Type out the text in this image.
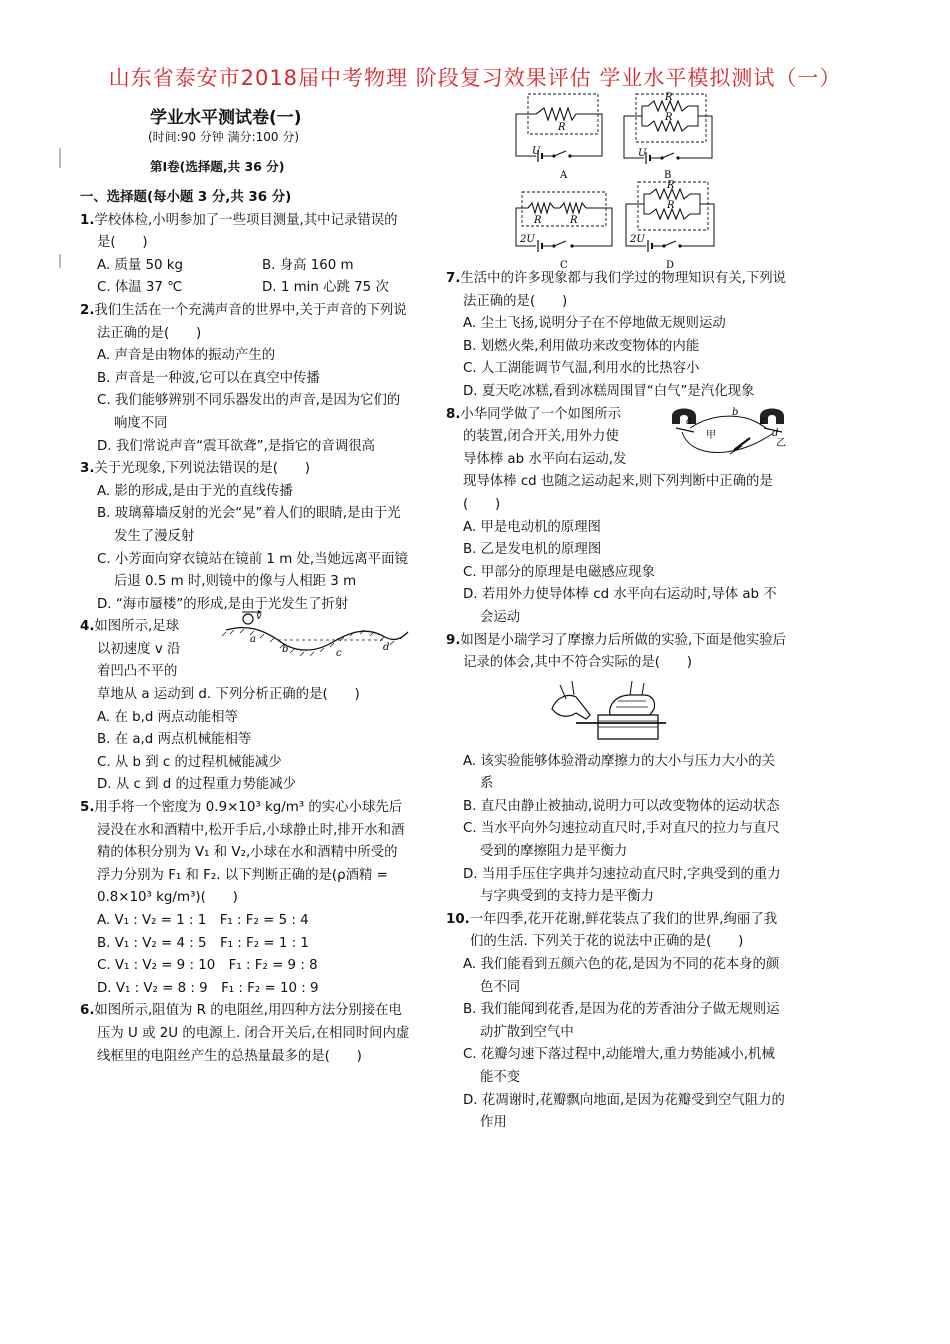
山东省泰安市2018届中考物理 阶段复习效果评估 学业水平模拟测试（一）
学业水平测试卷(一)
(时间:90 分钟 满分:100 分)
第Ⅰ卷(选择题,共 36 分)
一、选择题(每小题 3 分,共 36 分)
1.学校体检,小明参加了一些项目测量,其中记录错误的是(　　)
A. 质量 50 kg	B. 身高 160 m
C. 体温 37 ℃	D. 1 min 心跳 75 次
2.我们生活在一个充满声音的世界中,关于声音的下列说法正确的是(　　)
A. 声音是由物体的振动产生的
B. 声音是一种波,它可以在真空中传播
C. 我们能够辨别不同乐器发出的声音,是因为它们的响度不同
D. 我们常说声音“震耳欲聋”,是指它的音调很高
3.关于光现象,下列说法错误的是(　　)
A. 影的形成,是由于光的直线传播
B. 玻璃幕墙反射的光会“晃”着人们的眼睛,是由于光发生了漫反射
C. 小芳面向穿衣镜站在镜前 1 m 处,当她远离平面镜后退 0.5 m 时,则镜中的像与人相距 3 m
D. “海市蜃楼”的形成,是由于光发生了折射
4.如图所示,足球
以初速度 v 沿
着凹凸不平的
草地从 a 运动到 d. 下列分析正确的是(　　)
v
a
b	c
d
A. 在 b,d 两点动能相等
B. 在 a,d 两点机械能相等
C. 从 b 到 c 的过程机械能减少
D. 从 c 到 d 的过程重力势能减少
5.用手将一个密度为 0.9×10³ kg/m³ 的实心小球先后浸没在水和酒精中,松开手后,小球静止时,排开水和酒精的体积分别为 V₁ 和 V₂,小球在水和酒精中所受的浮力分别为 F₁ 和 F₂. 以下判断正确的是(ρ酒精 = 0.8×10³ kg/m³)(　　)
A. V₁ : V₂ = 1 : 1　F₁ : F₂ = 5 : 4
B. V₁ : V₂ = 4 : 5　F₁ : F₂ = 1 : 1
C. V₁ : V₂ = 9 : 10　F₁ : F₂ = 9 : 8
D. V₁ : V₂ = 8 : 9　F₁ : F₂ = 10 : 9
6.如图所示,阻值为 R 的电阻丝,用四种方法分别接在电压为 U 或 2U 的电源上. 闭合开关后,在相同时间内虚线框里的电阻丝产生的总热量最多的是(　　)
R
U
A
R
R
U
B
R	R
2U
C
R
R
2U
D
7.生活中的许多现象都与我们学过的物理知识有关,下列说法正确的是(　　)
A. 尘土飞扬,说明分子在不停地做无规则运动
B. 划燃火柴,利用做功来改变物体的内能
C. 人工湖能调节气温,利用水的比热容小
D. 夏天吃冰糕,看到冰糕周围冒“白气”是汽化现象
8.小华同学做了一个如图所示
的装置,闭合开关,用外力使
导体棒 ab 水平向右运动,发
现导体棒 cd 也随之运动起来,则下列判断中正确的是(　　)
甲
乙
a
b
c
d
A. 甲是电动机的原理图
B. 乙是发电机的原理图
C. 甲部分的原理是电磁感应现象
D. 若用外力使导体棒 cd 水平向右运动时,导体 ab 不会运动
9.如图是小瑞学习了摩擦力后所做的实验,下面是他实验后记录的体会,其中不符合实际的是(　　)
A. 该实验能够体验滑动摩擦力的大小与压力大小的关系
B. 直尺由静止被抽动,说明力可以改变物体的运动状态
C. 当水平向外匀速拉动直尺时,手对直尺的拉力与直尺受到的摩擦阻力是平衡力
D. 当用手压住字典并匀速拉动直尺时,字典受到的重力与字典受到的支持力是平衡力
10.一年四季,花开花谢,鲜花装点了我们的世界,绚丽了我们的生活. 下列关于花的说法中正确的是(　　)
A. 我们能看到五颜六色的花,是因为不同的花本身的颜色不同
B. 我们能闻到花香,是因为花的芳香油分子做无规则运动扩散到空气中
C. 花瓣匀速下落过程中,动能增大,重力势能减小,机械能不变
D. 花凋谢时,花瓣飘向地面,是因为花瓣受到空气阻力的作用
